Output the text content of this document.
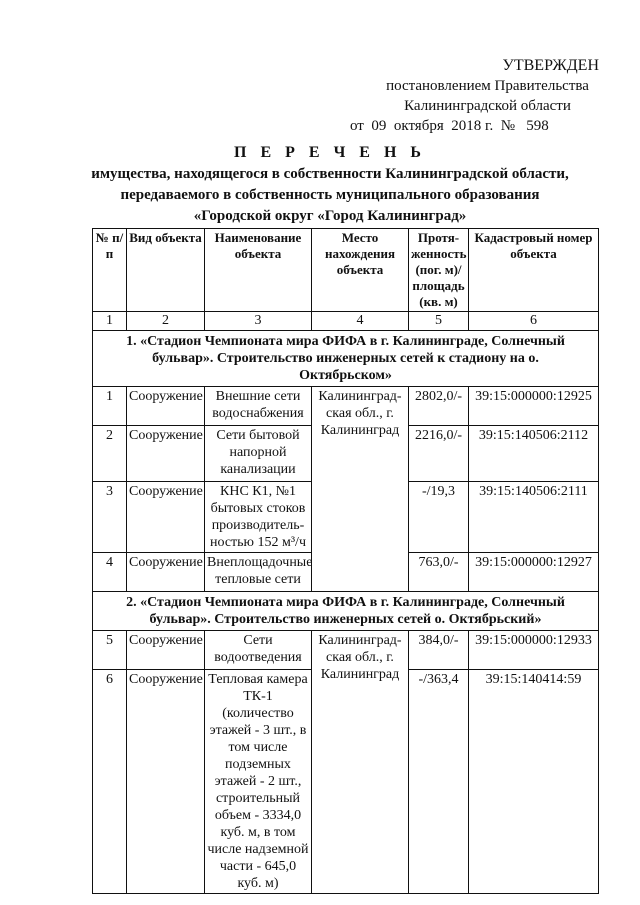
УТВЕРЖДЕН
постановлением Правительства
Калининградской области
от 09 октября 2018 г. № 598
П Е Р Е Ч Е Н Ь
имущества, находящегося в собственности Калининградской области,
передаваемого в собственность муниципального образования
«Городской округ «Город Калининград»
№ п/п	Вид объекта	Наименование объекта	Место нахождения объекта	Протя-женность (пог. м)/ площадь (кв. м)	Кадастровый номер объекта
1	2	3	4	5	6
1. «Стадион Чемпионата мира ФИФА в г. Калининграде, Солнечный бульвар». Строительство инженерных сетей к стадиону на о. Октябрьском»					
1	Сооружение	Внешние сети водоснабжения	Калининград-ская обл., г. Калининград	2802,0/-	39:15:000000:12925
2	Сооружение	Сети бытовой напорной канализации		2216,0/-	39:15:140506:2112
3	Сооружение	КНС К1, №1 бытовых стоков производитель-ностью 152 м³/ч		-/19,3	39:15:140506:2111
4	Сооружение	Внеплощадочные тепловые сети		763,0/-	39:15:000000:12927
2. «Стадион Чемпионата мира ФИФА в г. Калининграде, Солнечный бульвар». Строительство инженерных сетей о. Октябрьский»					
5	Сооружение	Сети водоотведения	Калининград-ская обл., г. Калининград	384,0/-	39:15:000000:12933
6	Сооружение	Тепловая камера ТК-1 (количество этажей - 3 шт., в том числе подземных этажей - 2 шт., строительный объем - 3334,0 куб. м, в том числе надземной части - 645,0 куб. м)		-/363,4	39:15:140414:59
